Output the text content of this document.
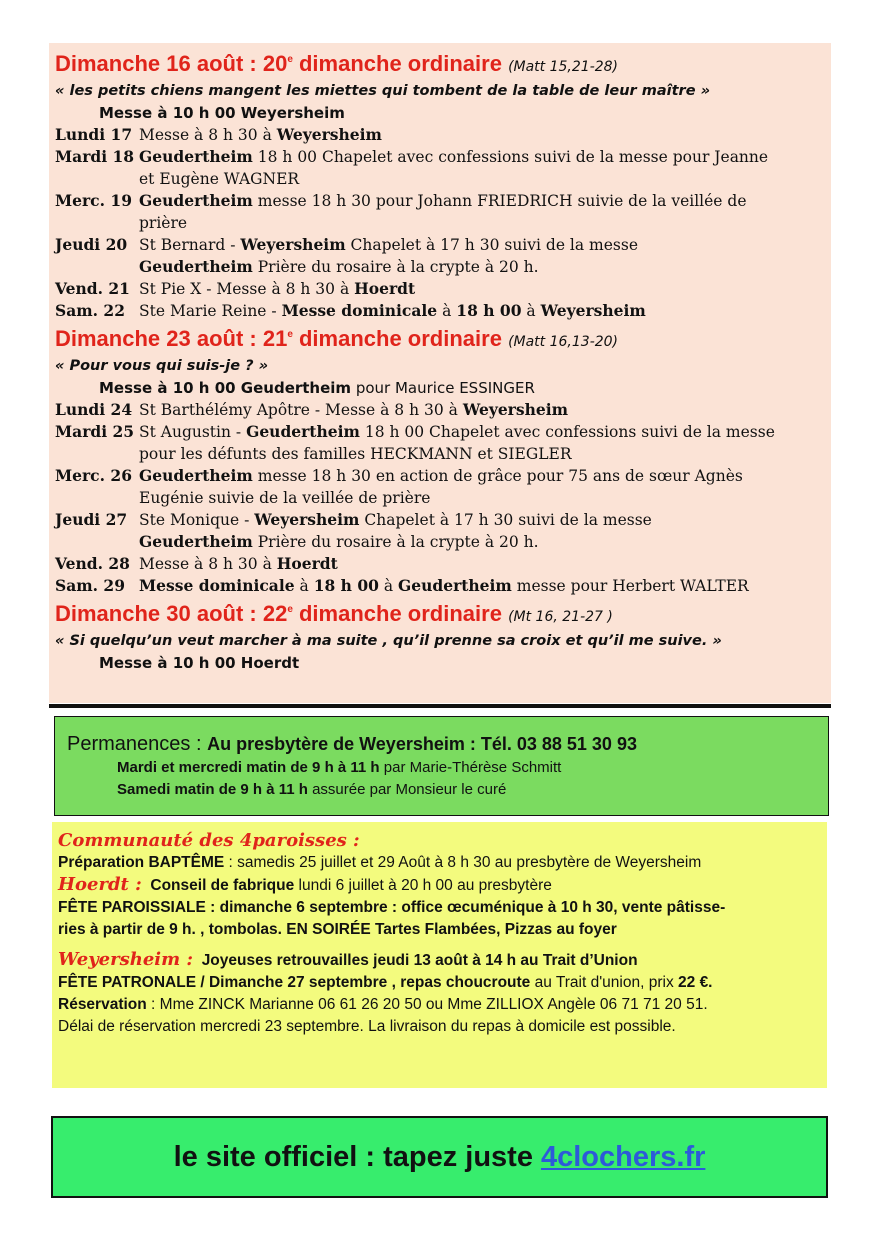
Dimanche 16 août : 20e dimanche ordinaire (Matt 15,21-28)

« les petits chiens mangent les miettes qui tombent de la table de leur maître »
Messe à 10 h 00 Weyersheim
Lundi 17 Messe à 8 h 30 à Weyersheim
Mardi 18 Geudertheim 18 h 00 Chapelet avec confessions suivi de la messe pour Jeanne
et Eugène WAGNER
Merc. 19 Geudertheim messe 18 h 30 pour Johann FRIEDRICH suivie de la veillée de
prière
Jeudi 20 St Bernard - Weyersheim Chapelet à 17 h 30 suivi de la messe
Geudertheim Prière du rosaire à la crypte à 20 h.
Vend. 21 St Pie X - Messe à 8 h 30 à Hoerdt
Sam. 22 Ste Marie Reine - Messe dominicale à 18 h 00 à Weyersheim

Dimanche 23 août : 21e dimanche ordinaire (Matt 16,13-20)

« Pour vous qui suis-je ? »
Messe à 10 h 00 Geudertheim pour Maurice ESSINGER
Lundi 24 St Barthélémy Apôtre - Messe à 8 h 30 à Weyersheim
Mardi 25 St Augustin - Geudertheim 18 h 00 Chapelet avec confessions suivi de la messe
pour les défunts des familles HECKMANN et SIEGLER
Merc. 26 Geudertheim messe 18 h 30 en action de grâce pour 75 ans de sœur Agnès
Eugénie suivie de la veillée de prière
Jeudi 27 Ste Monique - Weyersheim Chapelet à 17 h 30 suivi de la messe
Geudertheim Prière du rosaire à la crypte à 20 h.
Vend. 28 Messe à 8 h 30 à Hoerdt
Sam. 29 Messe dominicale à 18 h 00 à Geudertheim messe pour Herbert WALTER

Dimanche 30 août : 22e dimanche ordinaire (Mt 16, 21-27 )

« Si quelqu’un veut marcher à ma suite , qu’il prenne sa croix et qu’il me suive. »
Messe à 10 h 00 Hoerdt
Permanences : Au presbytère de Weyersheim : Tél. 03 88 51 30 93
Mardi et mercredi matin de 9 h à 11 h par Marie-Thérèse Schmitt
Samedi matin de 9 h à 11 h assurée par Monsieur le curé
Communauté des 4paroisses :
Préparation BAPTÊME : samedis 25 juillet et 29 Août à 8 h 30 au presbytère de Weyersheim
Hoerdt : Conseil de fabrique lundi 6 juillet à 20 h 00 au presbytère
FÊTE PAROISSIALE : dimanche 6 septembre : office œcuménique à 10 h 30, vente pâtisse-
ries à partir de 9 h. , tombolas. EN SOIRÉE Tartes Flambées, Pizzas au foyer
Weyersheim : Joyeuses retrouvailles jeudi 13 août à 14 h au Trait d’Union
FÊTE PATRONALE / Dimanche 27 septembre , repas choucroute au Trait d'union, prix 22 €.
Réservation : Mme ZINCK Marianne 06 61 26 20 50 ou Mme ZILLIOX Angèle 06 71 71 20 51.
Délai de réservation mercredi 23 septembre. La livraison du repas à domicile est possible.
le site officiel : tapez juste 4clochers.fr
